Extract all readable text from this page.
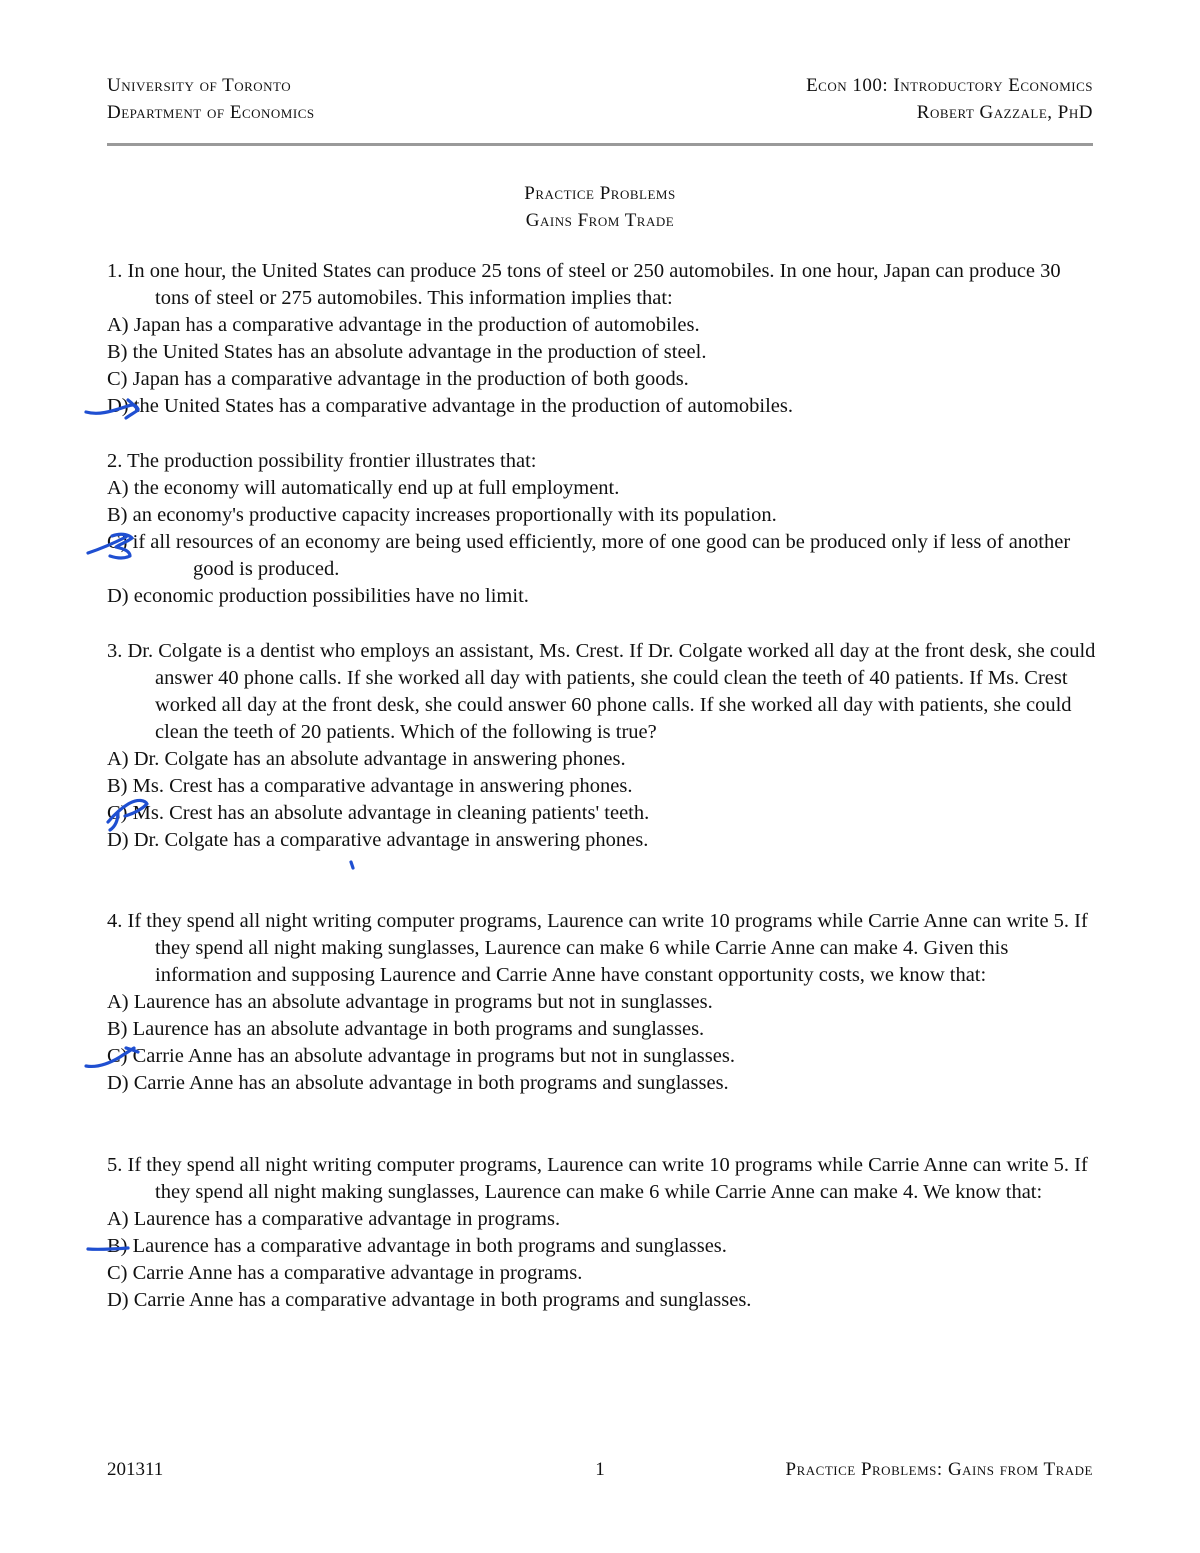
University of Toronto
Department of Economics
Econ 100: Introductory Economics
Robert Gazzale, PhD
Practice Problems
Gains From Trade

1. In one hour, the United States can produce 25 tons of steel or 250 automobiles. In one hour, Japan can produce 30 tons of steel or 275 automobiles. This information implies that:

A) Japan has a comparative advantage in the production of automobiles.

B) the United States has an absolute advantage in the production of steel.

C) Japan has a comparative advantage in the production of both goods.

D) the United States has a comparative advantage in the production of automobiles.

2. The production possibility frontier illustrates that:

A) the economy will automatically end up at full employment.

B) an economy's productive capacity increases proportionally with its population.

C) if all resources of an economy are being used efficiently, more of one good can be produced only if less of another good is produced.

D) economic production possibilities have no limit.

3. Dr. Colgate is a dentist who employs an assistant, Ms. Crest. If Dr. Colgate worked all day at the front desk, she could answer 40 phone calls. If she worked all day with patients, she could clean the teeth of 40 patients. If Ms. Crest worked all day at the front desk, she could answer 60 phone calls. If she worked all day with patients, she could clean the teeth of 20 patients. Which of the following is true?

A) Dr. Colgate has an absolute advantage in answering phones.

B) Ms. Crest has a comparative advantage in answering phones.

C) Ms. Crest has an absolute advantage in cleaning patients' teeth.

D) Dr. Colgate has a comparative advantage in answering phones.

4. If they spend all night writing computer programs, Laurence can write 10 programs while Carrie Anne can write 5. If they spend all night making sunglasses, Laurence can make 6 while Carrie Anne can make 4. Given this information and supposing Laurence and Carrie Anne have constant opportunity costs, we know that:

A) Laurence has an absolute advantage in programs but not in sunglasses.

B) Laurence has an absolute advantage in both programs and sunglasses.

C) Carrie Anne has an absolute advantage in programs but not in sunglasses.

D) Carrie Anne has an absolute advantage in both programs and sunglasses.

5. If they spend all night writing computer programs, Laurence can write 10 programs while Carrie Anne can write 5. If they spend all night making sunglasses, Laurence can make 6 while Carrie Anne can make 4. We know that:

A) Laurence has a comparative advantage in programs.

B) Laurence has a comparative advantage in both programs and sunglasses.

C) Carrie Anne has a comparative advantage in programs.

D) Carrie Anne has a comparative advantage in both programs and sunglasses.

201311	1	Practice Problems: Gains from Trade
